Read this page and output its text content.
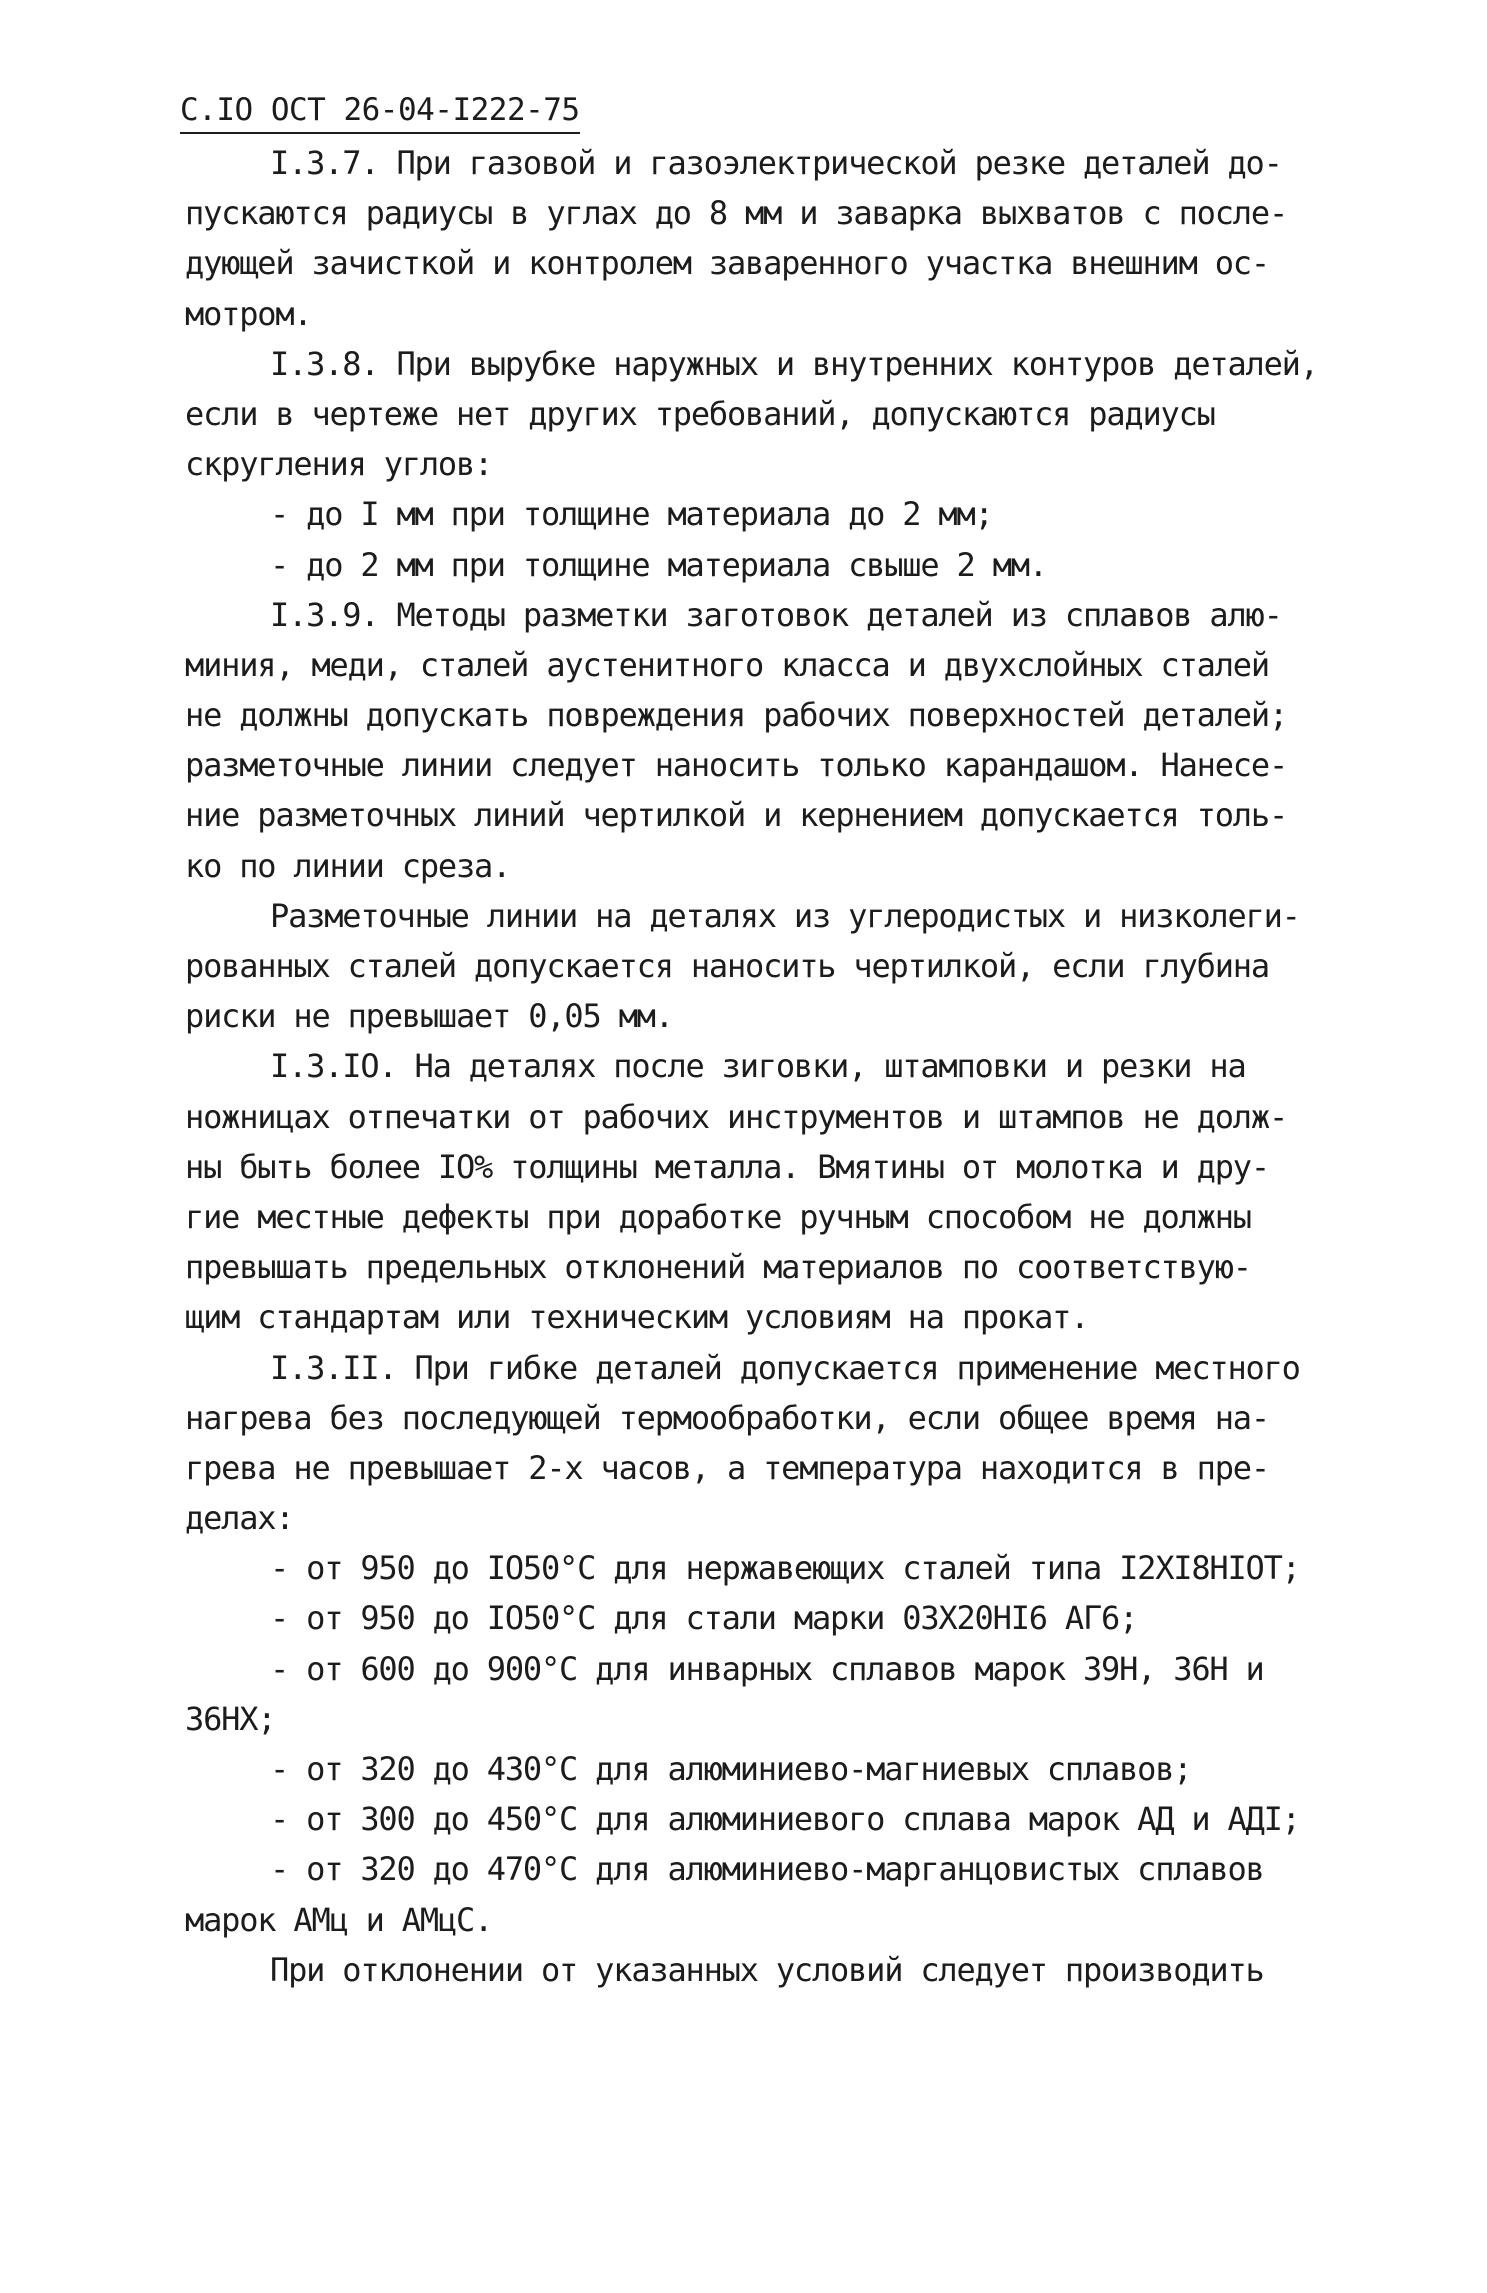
С.IO ОСТ 26-04-I222-75
I.3.7. При газовой и газоэлектрической резке деталей до-
пускаются радиусы в углах до 8 мм и заварка выхватов с после-
дующей зачисткой и контролем заваренного участка внешним ос-
мотром.
I.3.8. При вырубке наружных и внутренних контуров деталей,
если в чертеже нет других требований, допускаются радиусы
скругления углов:
- до I мм при толщине материала до 2 мм;
- до 2 мм при толщине материала свыше 2 мм.
I.3.9. Методы разметки заготовок деталей из сплавов алю-
миния, меди, сталей аустенитного класса и двухслойных сталей
не должны допускать повреждения рабочих поверхностей деталей;
разметочные линии следует наносить только карандашом. Нанесе-
ние разметочных линий чертилкой и кернением допускается толь-
ко по линии среза.
Разметочные линии на деталях из углеродистых и низколеги-
рованных сталей допускается наносить чертилкой, если глубина
риски не превышает 0,05 мм.
I.3.IO. На деталях после зиговки, штамповки и резки на
ножницах отпечатки от рабочих инструментов и штампов не долж-
ны быть более IO% толщины металла. Вмятины от молотка и дру-
гие местные дефекты при доработке ручным способом не должны
превышать предельных отклонений материалов по соответствую-
щим стандартам или техническим условиям на прокат.
I.3.II. При гибке деталей допускается применение местного
нагрева без последующей термообработки, если общее время на-
грева не превышает 2-х часов, а температура находится в пре-
делах:
- от 950 до IO50°С для нержавеющих сталей типа I2XI8HIOT;
- от 950 до IO50°С для стали марки 03Х20НI6 АГ6;
- от 600 до 900°С для инварных сплавов марок 39Н, 36Н и
36НХ;
- от 320 до 430°С для алюминиево-магниевых сплавов;
- от 300 до 450°С для алюминиевого сплава марок АД и АДI;
- от 320 до 470°С для алюминиево-марганцовистых сплавов
марок АМц и АМцС.
При отклонении от указанных условий следует производить
